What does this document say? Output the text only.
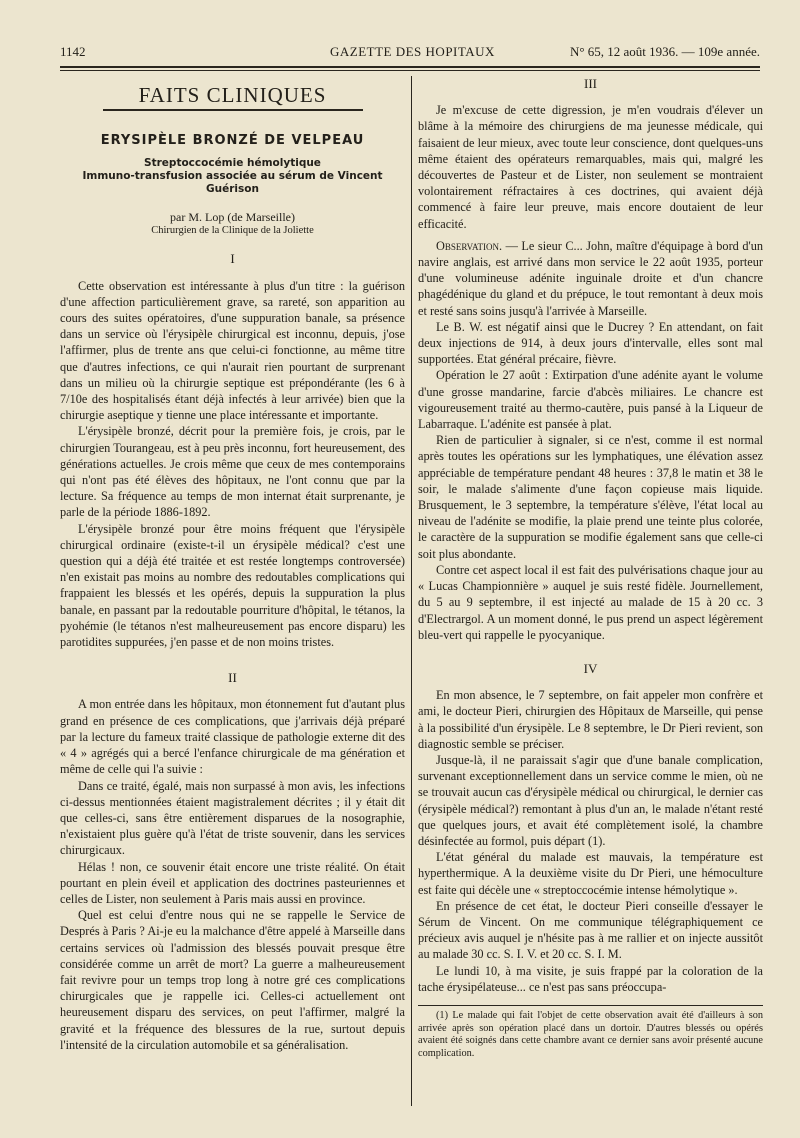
1142	GAZETTE DES HOPITAUX	N° 65, 12 août 1936. — 109e année.
FAITS CLINIQUES
ERYSIPÈLE BRONZÉ DE VELPEAU
Streptoccocémie hémolytique
Immuno-transfusion associée au sérum de Vincent
Guérison
par M. Lop (de Marseille)
Chirurgien de la Clinique de la Joliette
I

Cette observation est intéressante à plus d'un titre : la guérison d'une affection particulièrement grave, sa rareté, son apparition au cours des suites opératoires, d'une suppuration banale, sa présence dans un service où l'érysipèle chirurgical est inconnu, depuis, j'ose l'affirmer, plus de trente ans que celui-ci fonctionne, au même titre que d'autres infections, ce qui n'aurait rien pourtant de surprenant dans un milieu où la chirurgie septique est prépondérante (les 6 à 7/10e des hospitalisés étant déjà infectés à leur arrivée) bien que la chirurgie aseptique y tienne une place intéressante et importante.

L'érysipèle bronzé, décrit pour la première fois, je crois, par le chirurgien Tourangeau, est à peu près inconnu, fort heureusement, des générations actuelles. Je crois même que ceux de mes contemporains qui n'ont pas été élèves des hôpitaux, ne l'ont connu que par la lecture. Sa fréquence au temps de mon internat était surprenante, je parle de la période 1886-1892.

L'érysipèle bronzé pour être moins fréquent que l'érysipèle chirurgical ordinaire (existe-t-il un érysipèle médical? c'est une question qui a déjà été traitée et est restée longtemps controversée) n'en existait pas moins au nombre des redoutables complications qui frappaient les blessés et les opérés, depuis la suppuration la plus banale, en passant par la redoutable pourriture d'hôpital, le tétanos, la pyohémie (le tétanos n'est malheureusement pas encore disparu) les parotidites suppurées, j'en passe et de non moins tristes.

II

A mon entrée dans les hôpitaux, mon étonnement fut d'autant plus grand en présence de ces complications, que j'arrivais déjà préparé par la lecture du fameux traité classique de pathologie externe dit des « 4 » agrégés qui a bercé l'enfance chirurgicale de ma génération et même de celle qui l'a suivie :

Dans ce traité, égalé, mais non surpassé à mon avis, les infections ci-dessus mentionnées étaient magistralement décrites ; il y était dit que celles-ci, sans être entièrement disparues de la nosographie, n'existaient plus guère qu'à l'état de triste souvenir, dans les services chirurgicaux.

Hélas ! non, ce souvenir était encore une triste réalité. On était pourtant en plein éveil et application des doctrines pasteuriennes et celles de Lister, non seulement à Paris mais aussi en province.

Quel est celui d'entre nous qui ne se rappelle le Service de Després à Paris ? Ai-je eu la malchance d'être appelé à Marseille dans certains services où l'admission des blessés pouvait presque être considérée comme un arrêt de mort? La guerre a malheureusement fait revivre pour un temps trop long à notre gré ces complications chirurgicales que je rappelle ici. Celles-ci actuellement ont heureusement disparu des services, on peut l'affirmer, malgré la gravité et la fréquence des blessures de la rue, surtout depuis l'intensité de la circulation automobile et sa généralisation.

III

Je m'excuse de cette digression, je m'en voudrais d'élever un blâme à la mémoire des chirurgiens de ma jeunesse médicale, qui faisaient de leur mieux, avec toute leur conscience, dont quelques-uns même étaient des opérateurs remarquables, mais qui, malgré les découvertes de Pasteur et de Lister, non seulement se montraient volontairement réfractaires à ces doctrines, qui avaient déjà commencé à faire leur preuve, mais encore doutaient de leur efficacité.

Observation. — Le sieur C... John, maître d'équipage à bord d'un navire anglais, est arrivé dans mon service le 22 août 1935, porteur d'une volumineuse adénite inguinale droite et d'un chancre phagédénique du gland et du prépuce, le tout remontant à deux mois et resté sans soins jusqu'à l'arrivée à Marseille.

Le B. W. est négatif ainsi que le Ducrey ? En attendant, on fait deux injections de 914, à deux jours d'intervalle, elles sont mal supportées. Etat général précaire, fièvre.

Opération le 27 août : Extirpation d'une adénite ayant le volume d'une grosse mandarine, farcie d'abcès miliaires. Le chancre est vigoureusement traité au thermo-cautère, puis pansé à la Liqueur de Labarraque. L'adénite est pansée à plat.

Rien de particulier à signaler, si ce n'est, comme il est normal après toutes les opérations sur les lymphatiques, une élévation assez appréciable de température pendant 48 heures : 37,8 le matin et 38 le soir, le malade s'alimente d'une façon copieuse mais liquide. Brusquement, le 3 septembre, la température s'élève, l'état local au niveau de l'adénite se modifie, la plaie prend une teinte plus colorée, le caractère de la suppuration se modifie également sans que celle-ci soit plus abondante.

Contre cet aspect local il est fait des pulvérisations chaque jour au « Lucas Championnière » auquel je suis resté fidèle. Journellement, du 5 au 9 septembre, il est injecté au malade de 15 à 20 cc. 3 d'Electrargol. A un moment donné, le pus prend un aspect légèrement bleu-vert qui rappelle le pyocyanique.

IV

En mon absence, le 7 septembre, on fait appeler mon confrère et ami, le docteur Pieri, chirurgien des Hôpitaux de Marseille, qui pense à la possibilité d'un érysipèle. Le 8 septembre, le Dr Pieri revient, son diagnostic semble se préciser.

Jusque-là, il ne paraissait s'agir que d'une banale complication, survenant exceptionnellement dans un service comme le mien, où ne se trouvait aucun cas d'érysipèle médical ou chirurgical, le dernier cas (érysipèle médical?) remontant à plus d'un an, le malade n'étant resté que quelques jours, et avait été complètement isolé, la chambre désinfectée au formol, puis départ (1).

L'état général du malade est mauvais, la température est hyperthermique. A la deuxième visite du Dr Pieri, une hémoculture est faite qui décèle une « streptoccocémie intense hémolytique ».

En présence de cet état, le docteur Pieri conseille d'essayer le Sérum de Vincent. On me communique télégraphiquement ce précieux avis auquel je n'hésite pas à me rallier et on injecte aussitôt au malade 30 cc. S. I. V. et 20 cc. S. I. M.

Le lundi 10, à ma visite, je suis frappé par la coloration de la tache érysipélateuse... ce n'est pas sans préoccupa-

(1) Le malade qui fait l'objet de cette observation avait été d'ailleurs à son arrivée après son opération placé dans un dortoir. D'autres blessés ou opérés avaient été soignés dans cette chambre avant ce dernier sans avoir présenté aucune complication.
